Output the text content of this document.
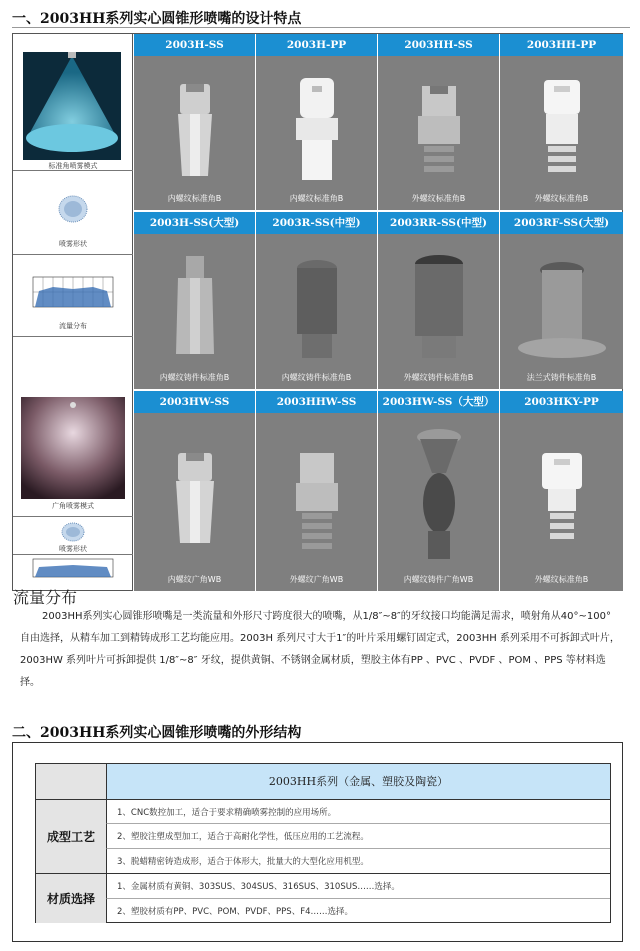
一、2003HH系列实心圆锥形喷嘴的设计特点
标准角喷雾模式
喷雾形状
流量分布
广角喷雾模式
喷雾形状
流量分布
2003H-SS	2003H-PP	2003HH-SS	2003HH-PP
内螺纹标准角B	内螺纹标准角B	外螺纹标准角B	外螺纹标准角B
2003H-SS(大型)	2003R-SS(中型)	2003RR-SS(中型)	2003RF-SS(大型)
内螺纹铸件标准角B	内螺纹铸件标准角B	外螺纹铸件标准角B	法兰式铸件标准角B
2003HW-SS	2003HHW-SS	2003HW-SS（大型）	2003HKY-PP
内螺纹广角WB	外螺纹广角WB	内螺纹铸件广角WB	外螺纹标准角B
2003HH系列实心圆锥形喷嘴是一类流量和外形尺寸跨度很大的喷嘴，从1/8″~8″的牙纹接口均能满足需求，喷射角从40°~100° 自由选择，从精车加工到精铸成形工艺均能应用。2003H 系列尺寸大于1″的叶片采用螺钉固定式，2003HH 系列采用不可拆卸式叶片，2003HW 系列叶片可拆卸提供 1/8″~8″ 牙纹，提供黄铜、不锈钢金属材质，塑胶主体有PP 、PVC 、PVDF 、POM 、PPS 等材料选择。
二、2003HH系列实心圆锥形喷嘴的外形结构
2003HH系列（金属、塑胶及陶瓷）
成型工艺
1、CNC数控加工，适合于要求精确喷雾控制的应用场所。
2、塑胶注塑成型加工，适合于高耐化学性，低压应用的工艺流程。
3、脱蜡精密铸造成形，适合于体形大，批量大的大型化应用机型。
材质选择
1、金属材质有黄铜、303SUS、304SUS、316SUS、310SUS……选择。
2、塑胶材质有PP、PVC、POM、PVDF、PPS、F4……选择。
